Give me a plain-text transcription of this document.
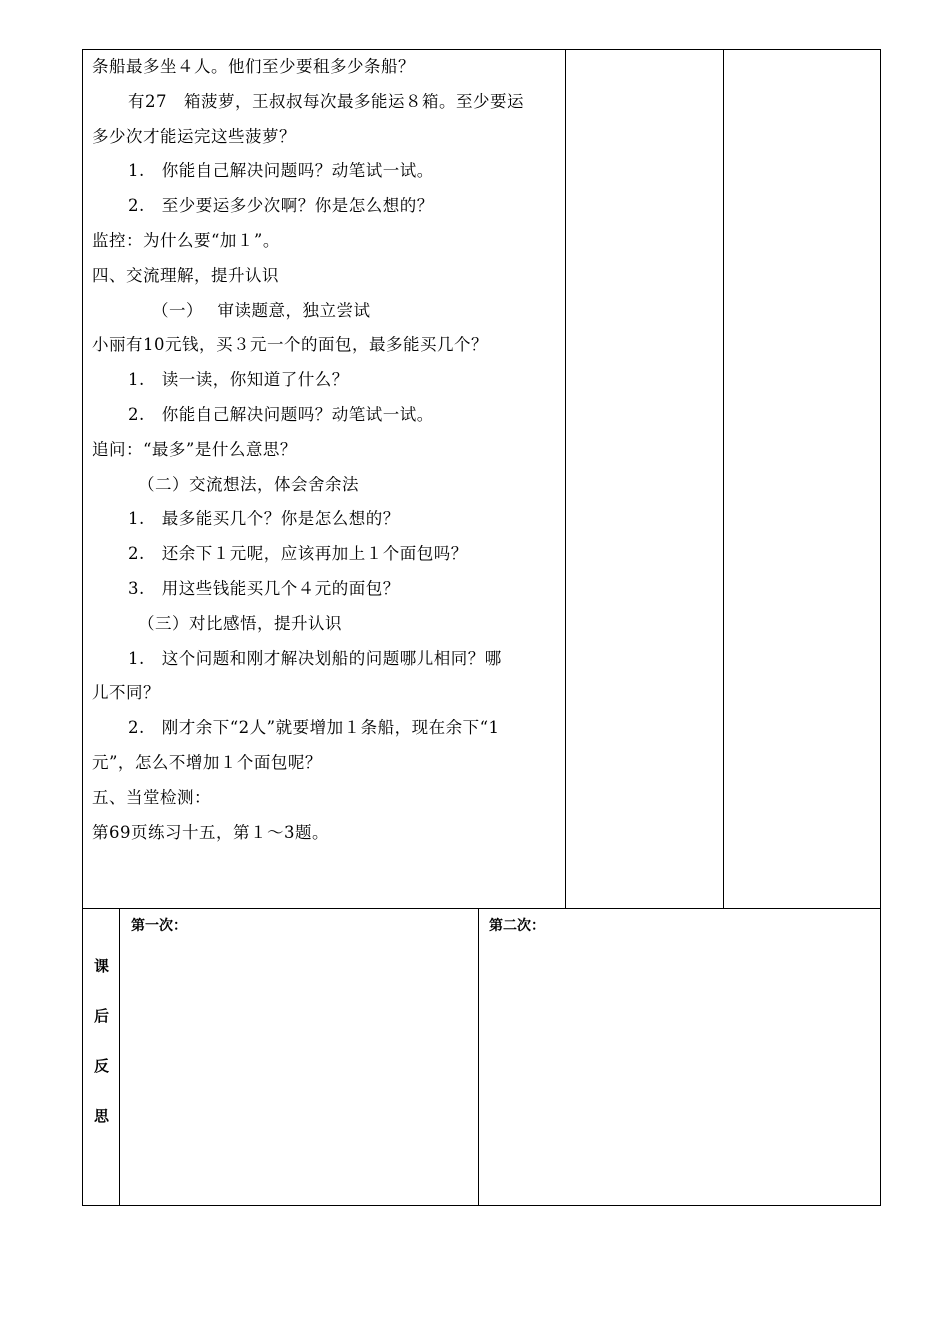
条船最多坐４人。他们至少要租多少条船？
有27　箱菠萝，王叔叔每次最多能运８箱。至少要运
多少次才能运完这些菠萝？
1.　你能自己解决问题吗？动笔试一试。
2.　至少要运多少次啊？你是怎么想的？
监控：为什么要“加１”。
四、交流理解，提升认识
（一）　 审读题意，独立尝试
小丽有10元钱，买３元一个的面包，最多能买几个？
1.　读一读，你知道了什么？
2.　你能自己解决问题吗？动笔试一试。
追问：“最多”是什么意思？
（二）交流想法，体会舍余法
1.　最多能买几个？你是怎么想的？
2.　还余下１元呢，应该再加上１个面包吗？
3.　用这些钱能买几个４元的面包？
（三）对比感悟，提升认识
1.　这个问题和刚才解决划船的问题哪儿相同？哪
儿不同？
2.　刚才余下“2人”就要增加１条船，现在余下“1
元”，怎么不增加１个面包呢？
五、当堂检测：
第69页练习十五，第１～3题。
课
后
反
思
第一次：	第二次：
